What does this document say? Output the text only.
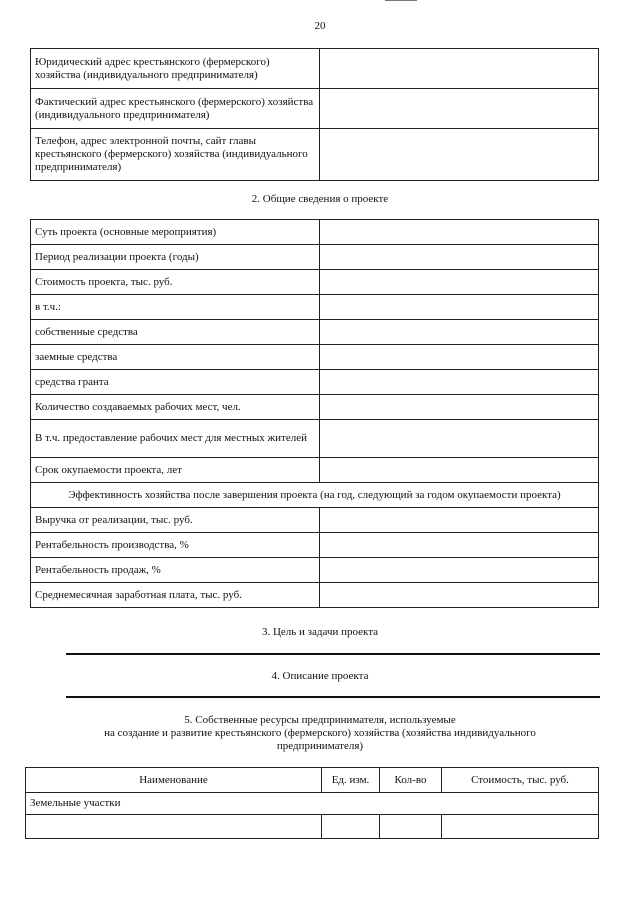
20
Юридический адрес крестьянского (фермерского) хозяйства (индивидуального предпринимателя)	
Фактический адрес крестьянского (фермерского) хозяйства (индивидуального предпринимателя)	
Телефон, адрес электронной почты, сайт главы крестьянского (фермерского) хозяйства (индивидуального предпринимателя)	
2. Общие сведения о проекте
Суть проекта (основные мероприятия)	
Период реализации проекта (годы)	
Стоимость проекта, тыс. руб.	
в т.ч.:	
собственные средства	
заемные средства	
средства гранта	
Количество создаваемых рабочих мест, чел.	
В т.ч. предоставление рабочих мест для местных жителей	
Срок окупаемости проекта, лет	
Эффективность хозяйства после завершения проекта (на год, следующий за годом окупаемости проекта)	
Выручка от реализации, тыс. руб.	
Рентабельность производства, %	
Рентабельность продаж, %	
Среднемесячная заработная плата, тыс. руб.	
3. Цель и задачи проекта
4. Описание проекта
5. Собственные ресурсы предпринимателя, используемые
на создание и развитие крестьянского (фермерского) хозяйства (хозяйства индивидуального предпринимателя)
Наименование	Ед. изм.	Кол-во	Стоимость, тыс. руб.
Земельные участки			
